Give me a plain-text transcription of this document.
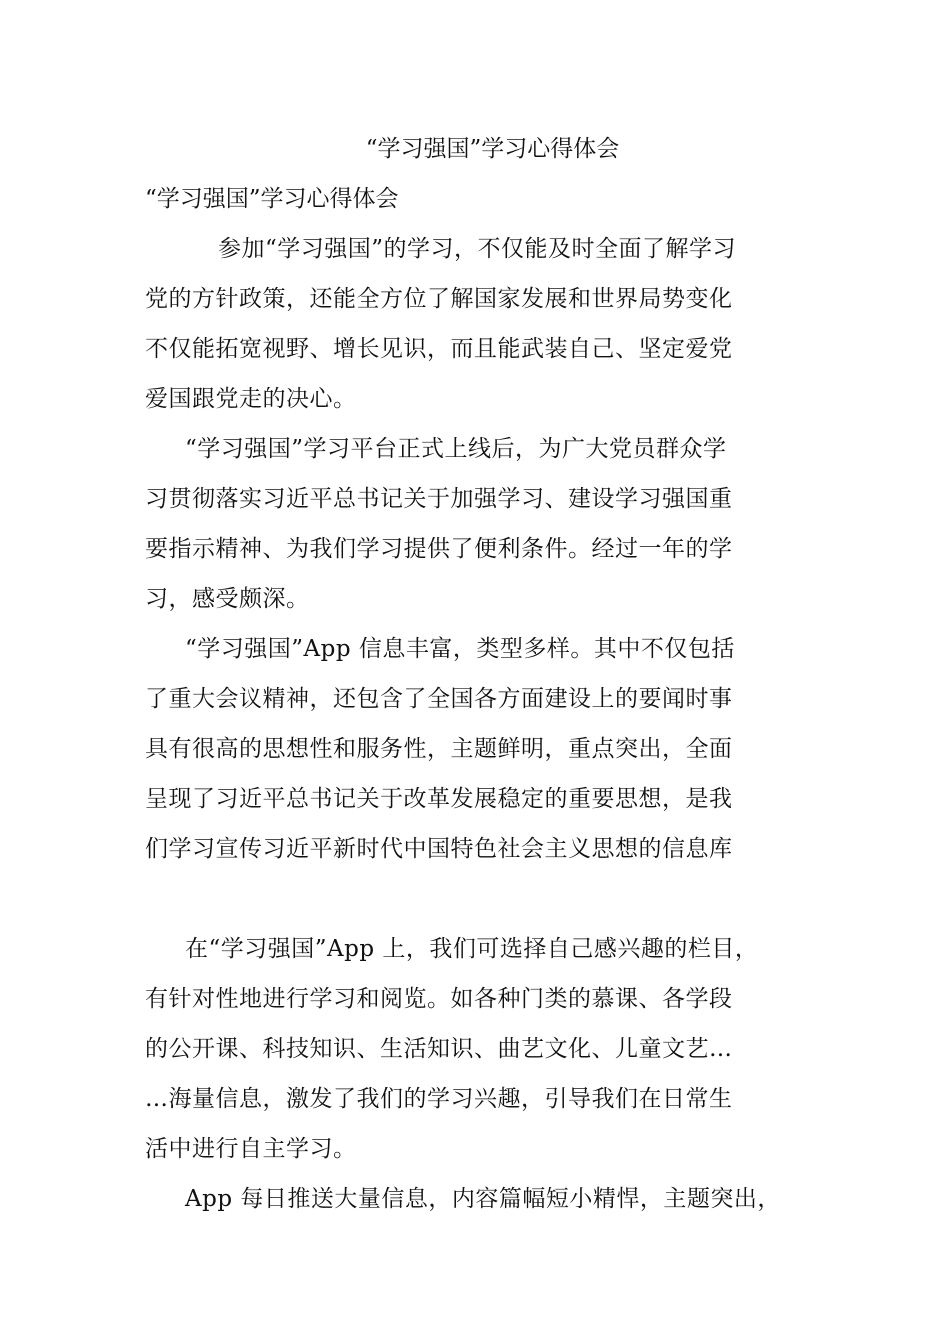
“学习强国”学习心得体会
“学习强国”学习心得体会
参加“学习强国”的学习，不仅能及时全面了解学习
党的方针政策，还能全方位了解国家发展和世界局势变化
不仅能拓宽视野、增长见识，而且能武装自己、坚定爱党
爱国跟党走的决心。
“学习强国”学习平台正式上线后，为广大党员群众学
习贯彻落实习近平总书记关于加强学习、建设学习强国重
要指示精神、为我们学习提供了便利条件。经过一年的学
习，感受颇深。
“学习强国”App 信息丰富，类型多样。其中不仅包括
了重大会议精神，还包含了全国各方面建设上的要闻时事
具有很高的思想性和服务性，主题鲜明，重点突出，全面
呈现了习近平总书记关于改革发展稳定的重要思想，是我
们学习宣传习近平新时代中国特色社会主义思想的信息库
在“学习强国”App 上，我们可选择自己感兴趣的栏目，
有针对性地进行学习和阅览。如各种门类的慕课、各学段
的公开课、科技知识、生活知识、曲艺文化、儿童文艺…
…海量信息，激发了我们的学习兴趣，引导我们在日常生
活中进行自主学习。
App 每日推送大量信息，内容篇幅短小精悍，主题突出，
